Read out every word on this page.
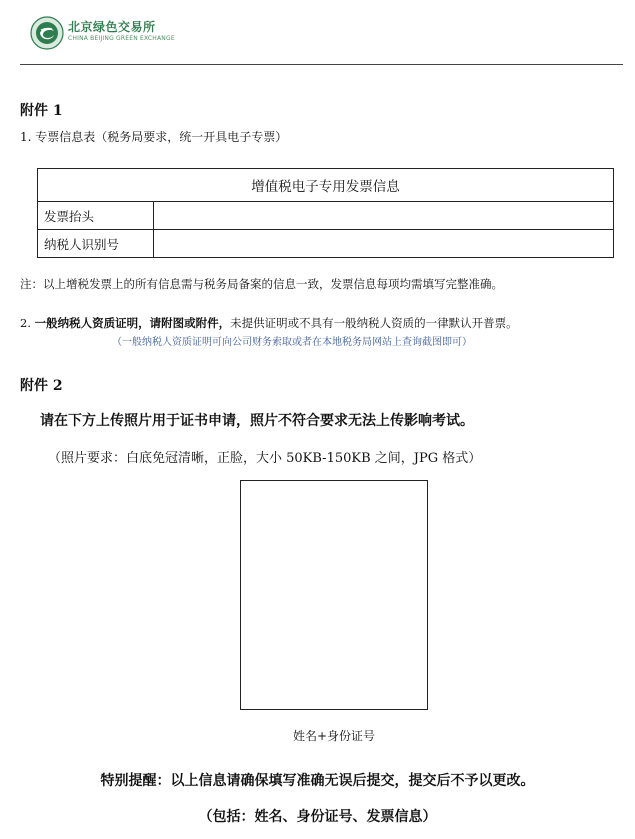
北京绿色交易所
CHINA BEIJING GREEN EXCHANGE
附件 1
1. 专票信息表（税务局要求，统一开具电子专票）
增值税电子专用发票信息	
发票抬头	
纳税人识别号	
注：以上增税发票上的所有信息需与税务局备案的信息一致，发票信息每项均需填写完整准确。
2. 一般纳税人资质证明，请附图或附件，未提供证明或不具有一般纳税人资质的一律默认开普票。
（一般纳税人资质证明可向公司财务索取或者在本地税务局网站上查询截图即可）
附件 2
请在下方上传照片用于证书申请，照片不符合要求无法上传影响考试。
（照片要求：白底免冠清晰，正脸，大小 50KB-150KB 之间，JPG 格式）
姓名+身份证号
特别提醒：以上信息请确保填写准确无误后提交，提交后不予以更改。
（包括：姓名、身份证号、发票信息）
